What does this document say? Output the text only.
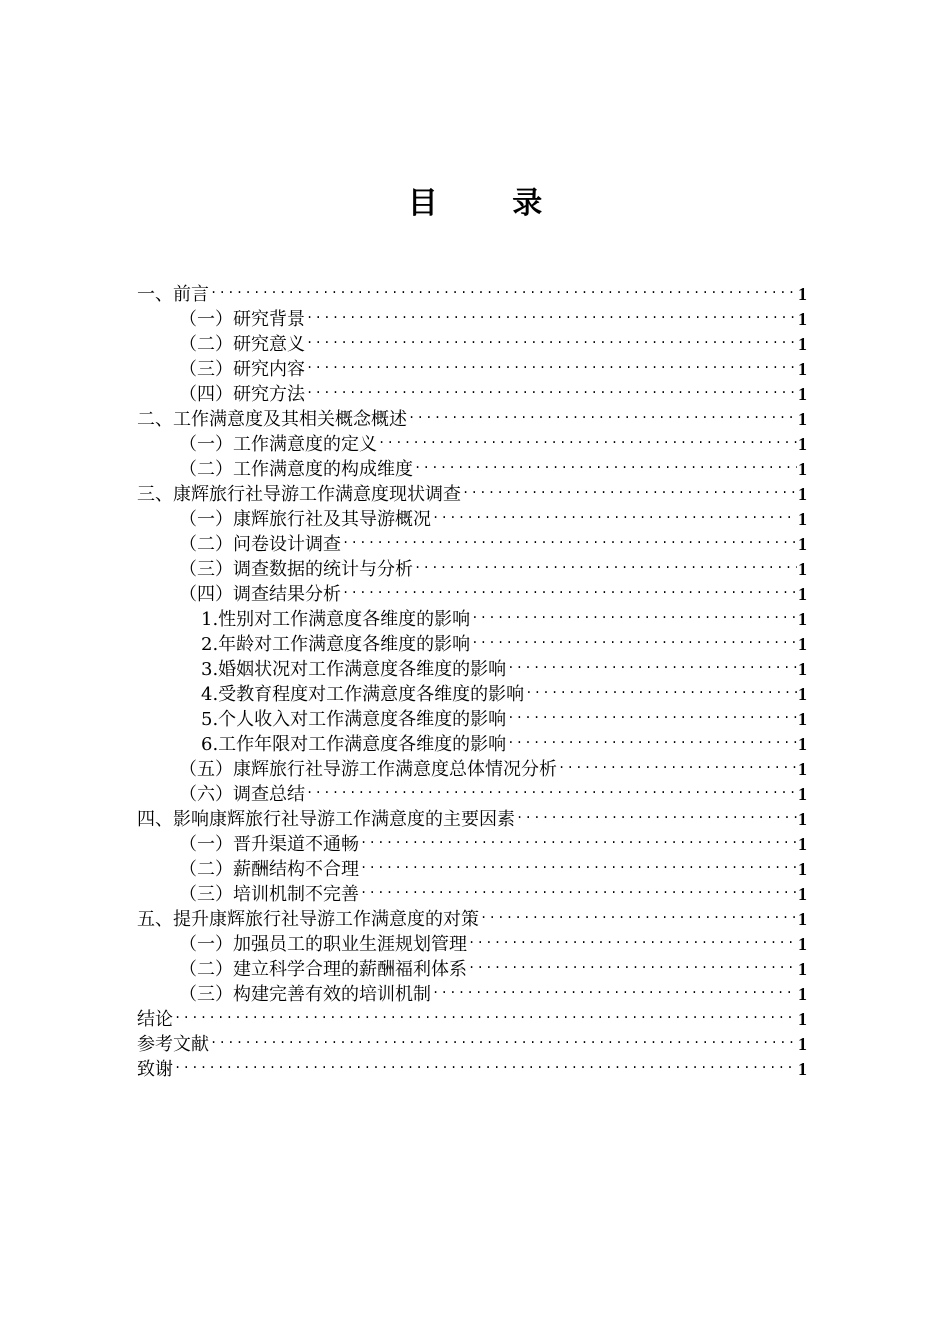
目 录
一、前言 .....	1
（一）研究背景 .....	1
（二）研究意义 .....	1
（三）研究内容 .....	1
（四）研究方法 .....	1
二、工作满意度及其相关概念概述 .....	1
（一）工作满意度的定义 .....	1
（二）工作满意度的构成维度 .....	1
三、康辉旅行社导游工作满意度现状调查 .....	1
（一）康辉旅行社及其导游概况 .....	1
（二）问卷设计调查 .....	1
（三）调查数据的统计与分析 .....	1
（四）调查结果分析 .....	1
1.性别对工作满意度各维度的影响 .....	1
2.年龄对工作满意度各维度的影响 .....	1
3.婚姻状况对工作满意度各维度的影响 .....	1
4.受教育程度对工作满意度各维度的影响 .....	1
5.个人收入对工作满意度各维度的影响 .....	1
6.工作年限对工作满意度各维度的影响 .....	1
（五）康辉旅行社导游工作满意度总体情况分析 .....	1
（六）调查总结 .....	1
四、影响康辉旅行社导游工作满意度的主要因素 .....	1
（一）晋升渠道不通畅 .....	1
（二）薪酬结构不合理 .....	1
（三）培训机制不完善 .....	1
五、提升康辉旅行社导游工作满意度的对策 .....	1
（一）加强员工的职业生涯规划管理 .....	1
（二）建立科学合理的薪酬福利体系 .....	1
（三）构建完善有效的培训机制 .....	1
结论 .....	1
参考文献 .....	1
致谢 .....	1
